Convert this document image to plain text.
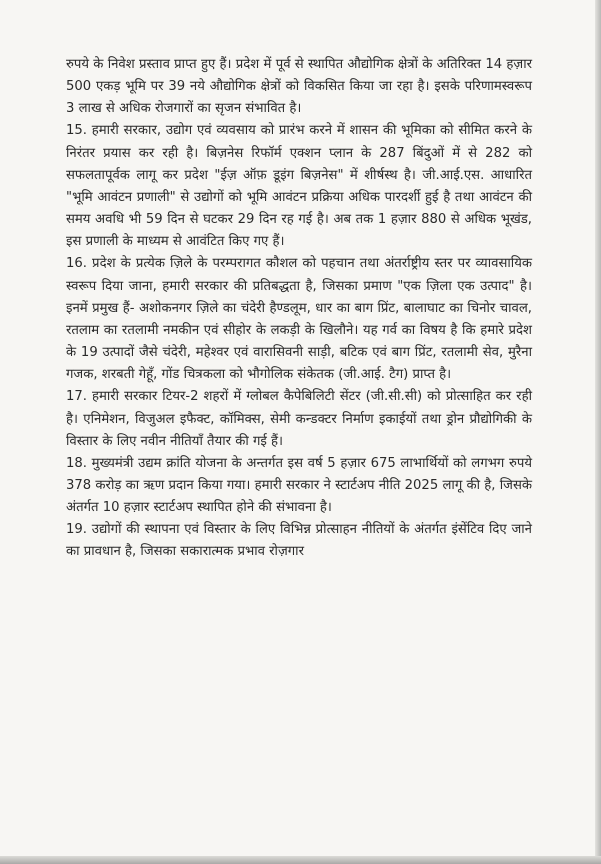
रुपये के निवेश प्रस्ताव प्राप्त हुए हैं। प्रदेश में पूर्व से स्थापित औद्योगिक क्षेत्रों के अतिरिक्त 14 हज़ार 500 एकड़ भूमि पर 39 नये औद्योगिक क्षेत्रों को विकसित किया जा रहा है। इसके परिणामस्वरूप 3 लाख से अधिक रोजगारों का सृजन संभावित है।

15. हमारी सरकार, उद्योग एवं व्यवसाय को प्रारंभ करने में शासन की भूमिका को सीमित करने के निरंतर प्रयास कर रही है। बिज़नेस रिफॉर्म एक्शन प्लान के 287 बिंदुओं में से 282 को सफलतापूर्वक लागू कर प्रदेश "ईज़ ऑफ़ डूइंग बिज़नेस" में शीर्षस्थ है। जी.आई.एस. आधारित "भूमि आवंटन प्रणाली" से उद्योगों को भूमि आवंटन प्रक्रिया अधिक पारदर्शी हुई है तथा आवंटन की समय अवधि भी 59 दिन से घटकर 29 दिन रह गई है। अब तक 1 हज़ार 880 से अधिक भूखंड, इस प्रणाली के माध्यम से आवंटित किए गए हैं।

16. प्रदेश के प्रत्येक ज़िले के परम्परागत कौशल को पहचान तथा अंतर्राष्ट्रीय स्तर पर व्यावसायिक स्वरूप दिया जाना, हमारी सरकार की प्रतिबद्धता है, जिसका प्रमाण "एक ज़िला एक उत्पाद" है। इनमें प्रमुख हैं- अशोकनगर ज़िले का चंदेरी हैण्डलूम, धार का बाग प्रिंट, बालाघाट का चिनोर चावल, रतलाम का रतलामी नमकीन एवं सीहोर के लकड़ी के खिलौने। यह गर्व का विषय है कि हमारे प्रदेश के 19 उत्पादों जैसे चंदेरी, महेश्वर एवं वारासिवनी साड़ी, बटिक एवं बाग प्रिंट, रतलामी सेव, मुरैना गजक, शरबती गेहूँ, गोंड चित्रकला को भौगोलिक संकेतक (जी.आई. टैग) प्राप्त है।

17. हमारी सरकार टियर-2 शहरों में ग्लोबल कैपेबिलिटी सेंटर (जी.सी.सी) को प्रोत्साहित कर रही है। एनिमेशन, विजुअल इफैक्ट, कॉमिक्स, सेमी कन्डक्टर निर्माण इकाईयों तथा ड्रोन प्रौद्योगिकी के विस्तार के लिए नवीन नीतियाँ तैयार की गई हैं।

18. मुख्यमंत्री उद्यम क्रांति योजना के अन्तर्गत इस वर्ष 5 हज़ार 675 लाभार्थियों को लगभग रुपये 378 करोड़ का ऋण प्रदान किया गया। हमारी सरकार ने स्टार्टअप नीति 2025 लागू की है, जिसके अंतर्गत 10 हज़ार स्टार्टअप स्थापित होने की संभावना है।

19. उद्योगों की स्थापना एवं विस्तार के लिए विभिन्न प्रोत्साहन नीतियों के अंतर्गत इंसेंटिव दिए जाने का प्रावधान है, जिसका सकारात्मक प्रभाव रोज़गार
